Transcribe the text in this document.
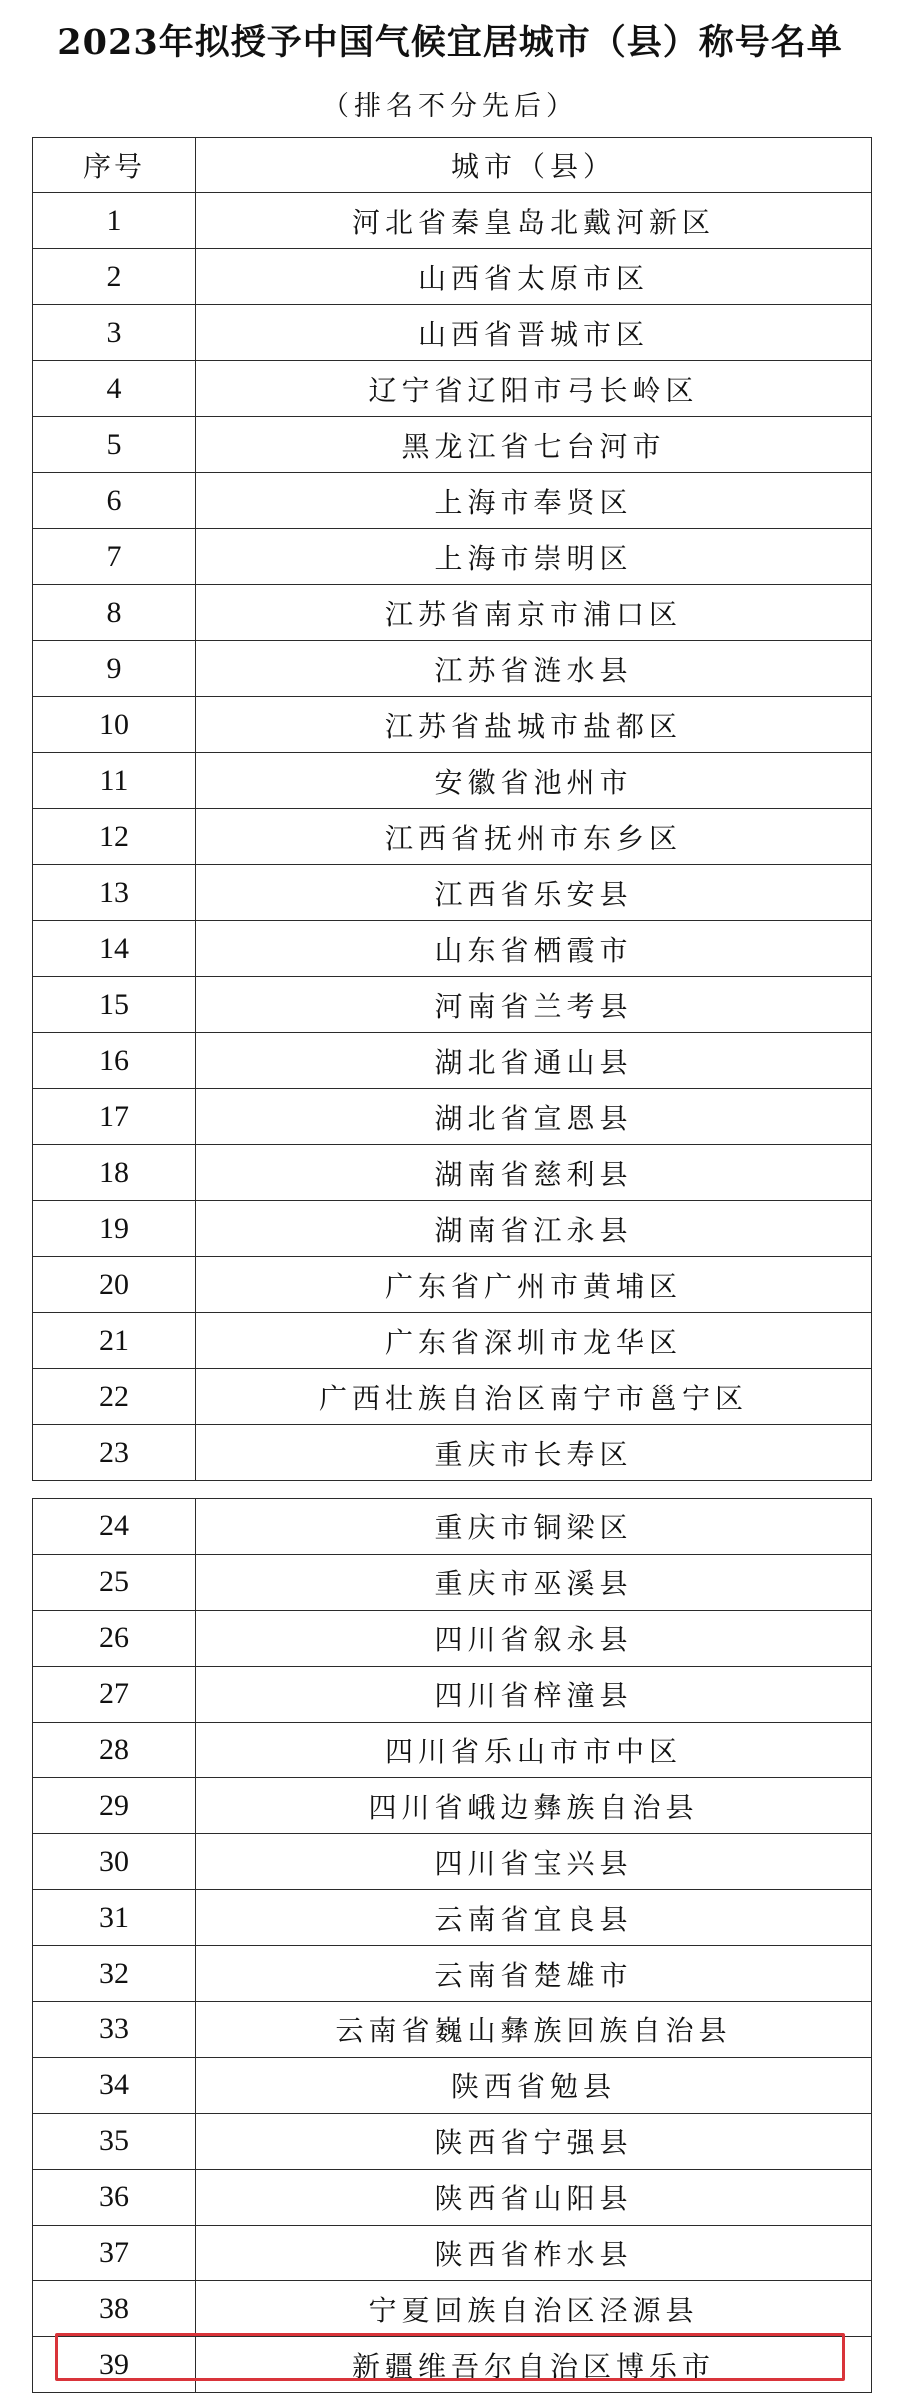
2023年拟授予中国气候宜居城市（县）称号名单
（排名不分先后）
序号	城市（县）
1	河北省秦皇岛北戴河新区
2	山西省太原市区
3	山西省晋城市区
4	辽宁省辽阳市弓长岭区
5	黑龙江省七台河市
6	上海市奉贤区
7	上海市崇明区
8	江苏省南京市浦口区
9	江苏省涟水县
10	江苏省盐城市盐都区
11	安徽省池州市
12	江西省抚州市东乡区
13	江西省乐安县
14	山东省栖霞市
15	河南省兰考县
16	湖北省通山县
17	湖北省宣恩县
18	湖南省慈利县
19	湖南省江永县
20	广东省广州市黄埔区
21	广东省深圳市龙华区
22	广西壮族自治区南宁市邕宁区
23	重庆市长寿区
24	重庆市铜梁区
25	重庆市巫溪县
26	四川省叙永县
27	四川省梓潼县
28	四川省乐山市市中区
29	四川省峨边彝族自治县
30	四川省宝兴县
31	云南省宜良县
32	云南省楚雄市
33	云南省巍山彝族回族自治县
34	陕西省勉县
35	陕西省宁强县
36	陕西省山阳县
37	陕西省柞水县
38	宁夏回族自治区泾源县
39	新疆维吾尔自治区博乐市
